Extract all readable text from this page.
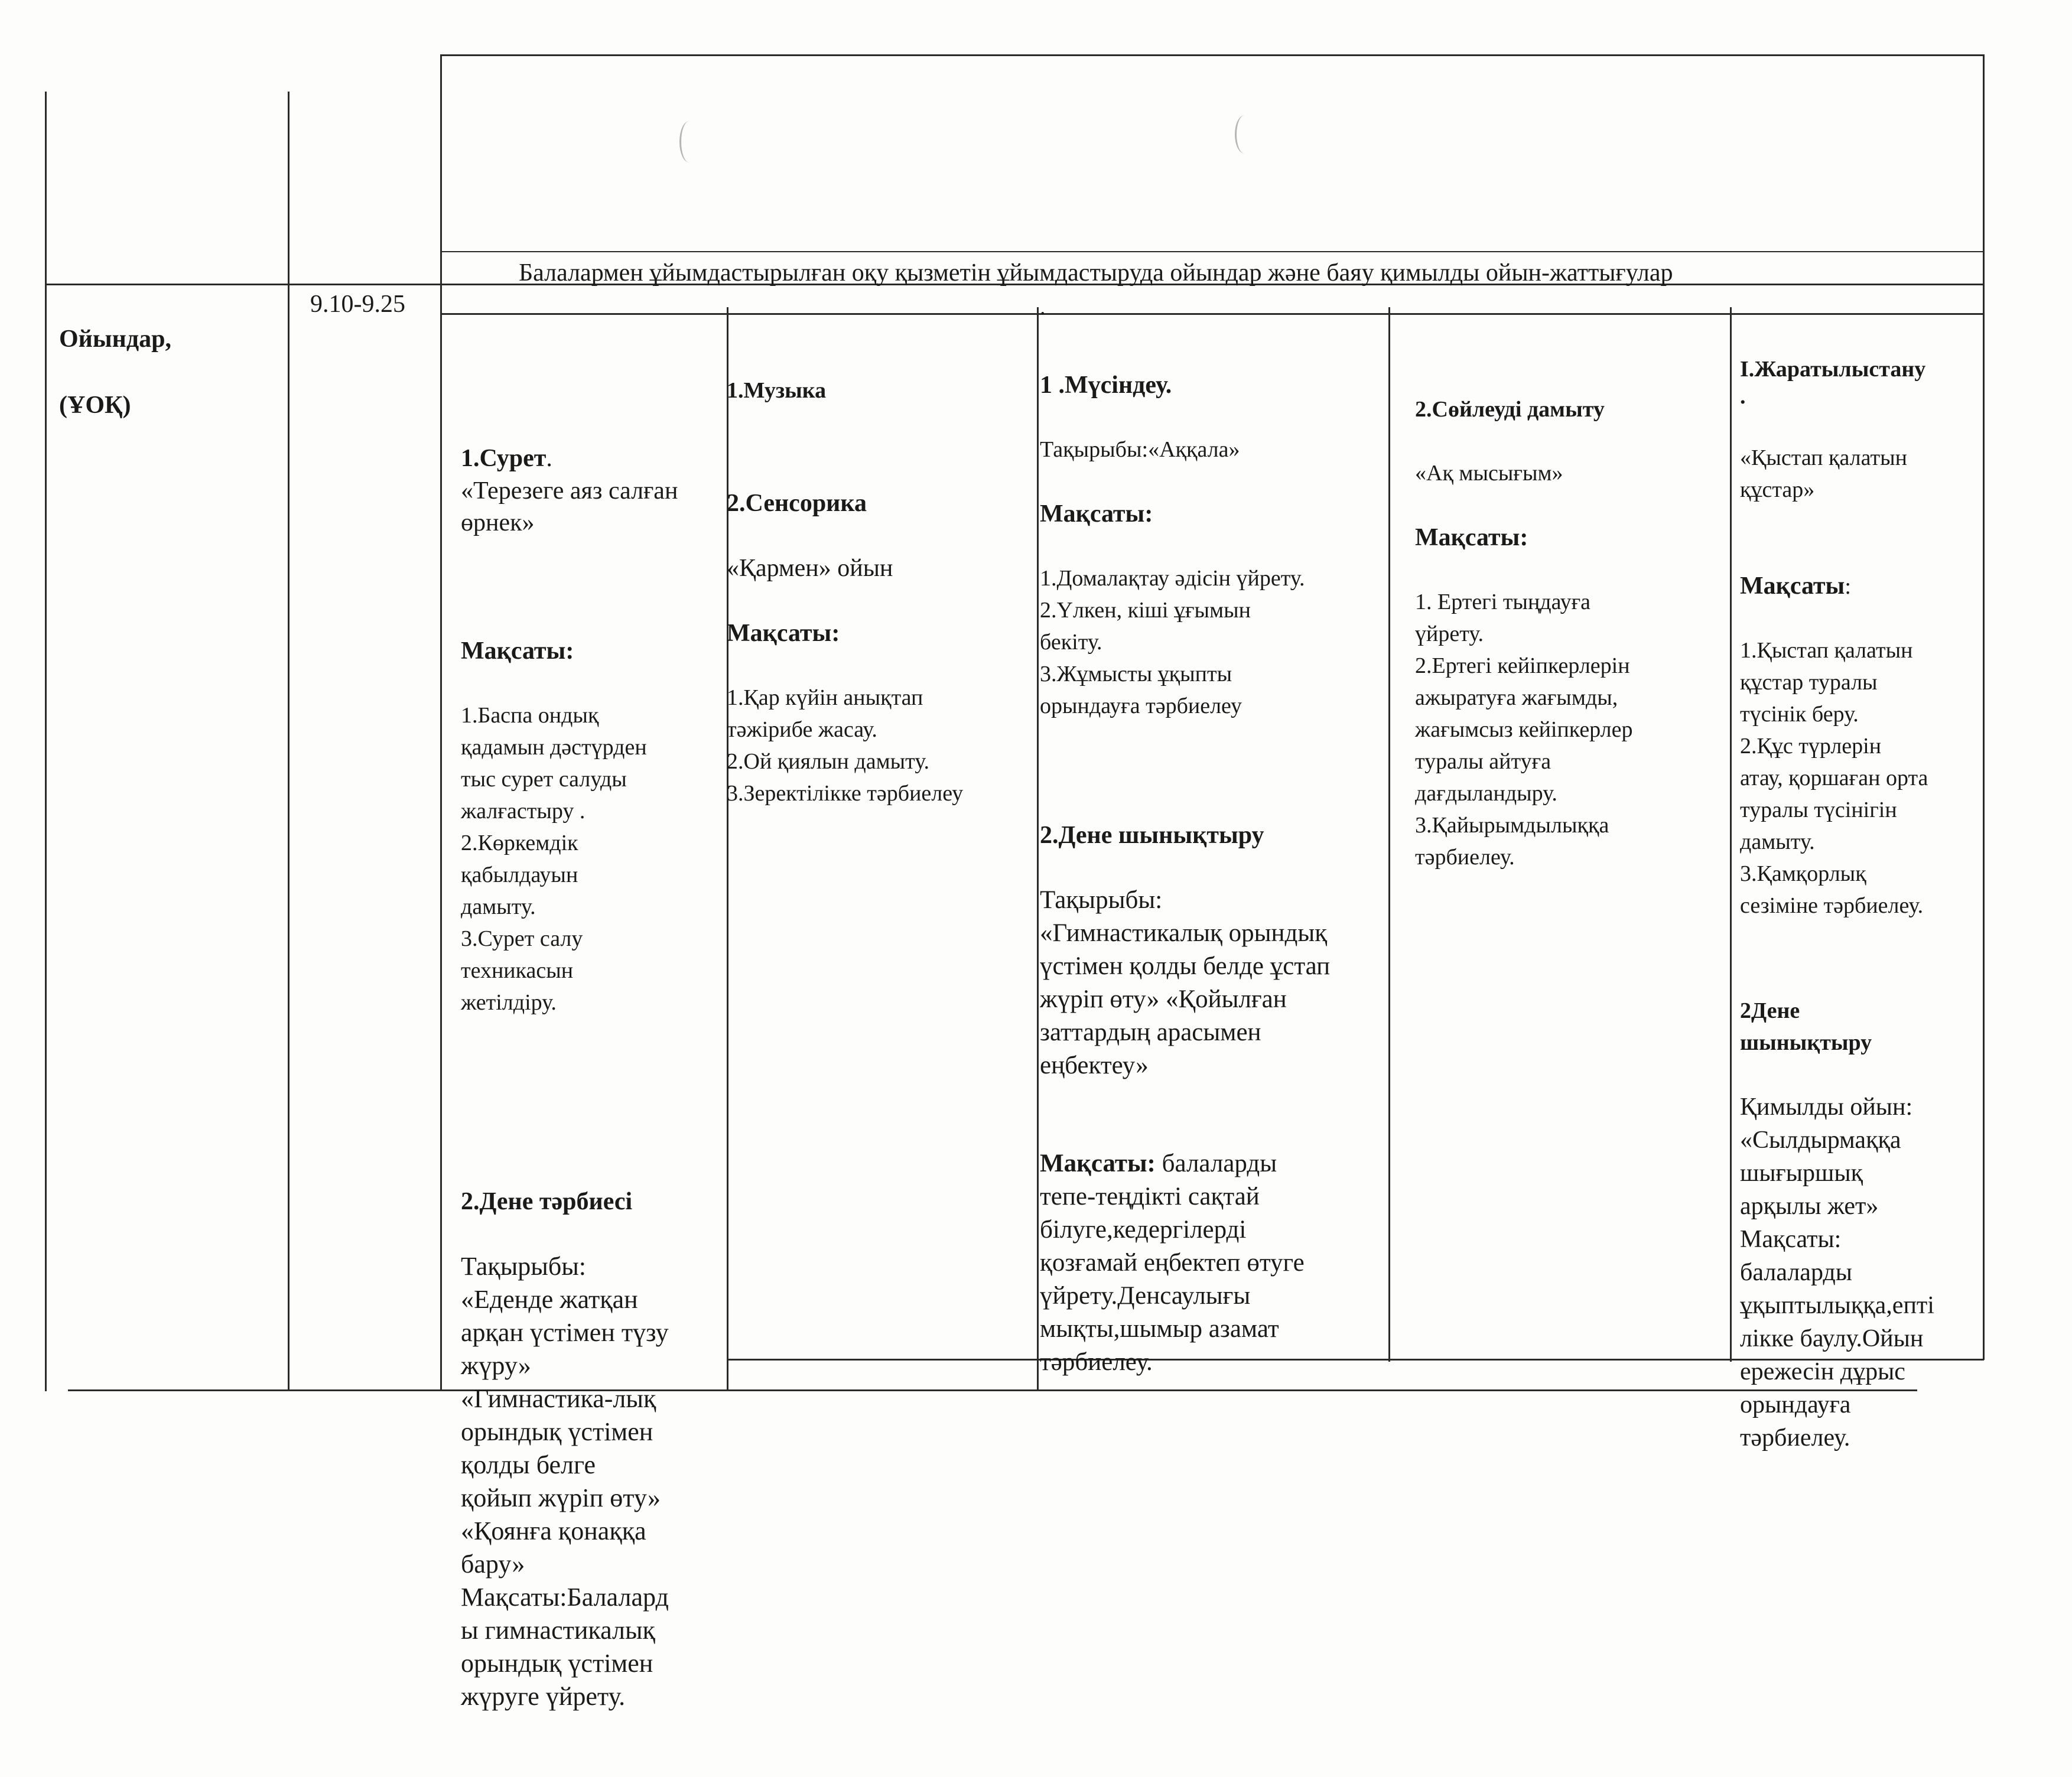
Ойындар,

(ҰОҚ)

9.10-9.25
Балалармен ұйымдастырылған оқу қызметін ұйымдастыруда ойындар және баяу қимылды ойын-жаттығулар
.

1.Сурет.

«Терезеге аяз салған
өрнек»

Мақсаты:

1.Баспа ондық
қадамын дәстүрден
тыс сурет салуды
жалғастыру .
2.Көркемдік
қабылдауын
дамыту.
3.Сурет салу
техникасын
жетілдіру.

2.Дене тәрбиесі

Тақырыбы:
«Еденде жатқан
арқан үстімен түзу
жүру»
«Гимнастика-лық
орындық үстімен
қолды белге
қойып жүріп өту»
«Қоянға қонаққа
бару»
Мақсаты:Балалард
ы гимнастикалық
орындық үстімен
жүруге үйрету.

1.Музыка

2.Сенсорика

«Қармен» ойын

Мақсаты:

1.Қар күйін анықтап
тәжірибе жасау.
2.Ой қиялын дамыту.
3.Зеректілікке тәрбиелеу

1 .Мүсіндеу.

Тақырыбы:«Аққала»

Мақсаты:

1.Домалақтау әдісін үйрету.
2.Үлкен, кіші ұғымын
бекіту.
3.Жұмысты ұқыпты
орындауға тәрбиелеу

2.Дене шынықтыру

Тақырыбы:
«Гимнастикалық орындық
үстімен қолды белде ұстап
жүріп өту» «Қойылған
заттардың арасымен
еңбектеу»

Мақсаты: балаларды
тепе-теңдікті сақтай
білуге,кедергілерді
қозғамай еңбектеп өтуге
үйрету.Денсаулығы
мықты,шымыр азамат
тәрбиелеу.

2.Сөйлеуді дамыту

«Ақ мысығым»

Мақсаты:

1. Ертегі тыңдауға
үйрету.
2.Ертегі кейіпкерлерін
ажыратуға жағымды,
жағымсыз кейіпкерлер
туралы айтуға
дағдыландыру.
3.Қайырымдылыққа
тәрбиелеу.

І.Жаратылыстану
.

«Қыстап қалатын
құстар»

Мақсаты:

1.Қыстап қалатын
құстар туралы
түсінік беру.
2.Құс түрлерін
атау, қоршаған орта
туралы түсінігін
дамыту.
3.Қамқорлық
сезіміне тәрбиелеу.

2Дене
шынықтыру

Қимылды ойын:
«Сылдырмаққа
шығыршық
арқылы жет»
Мақсаты:
балаларды
ұқыптылыққа,епті
лікке баулу.Ойын
ережесін дұрыс
орындауға
тәрбиелеу.
